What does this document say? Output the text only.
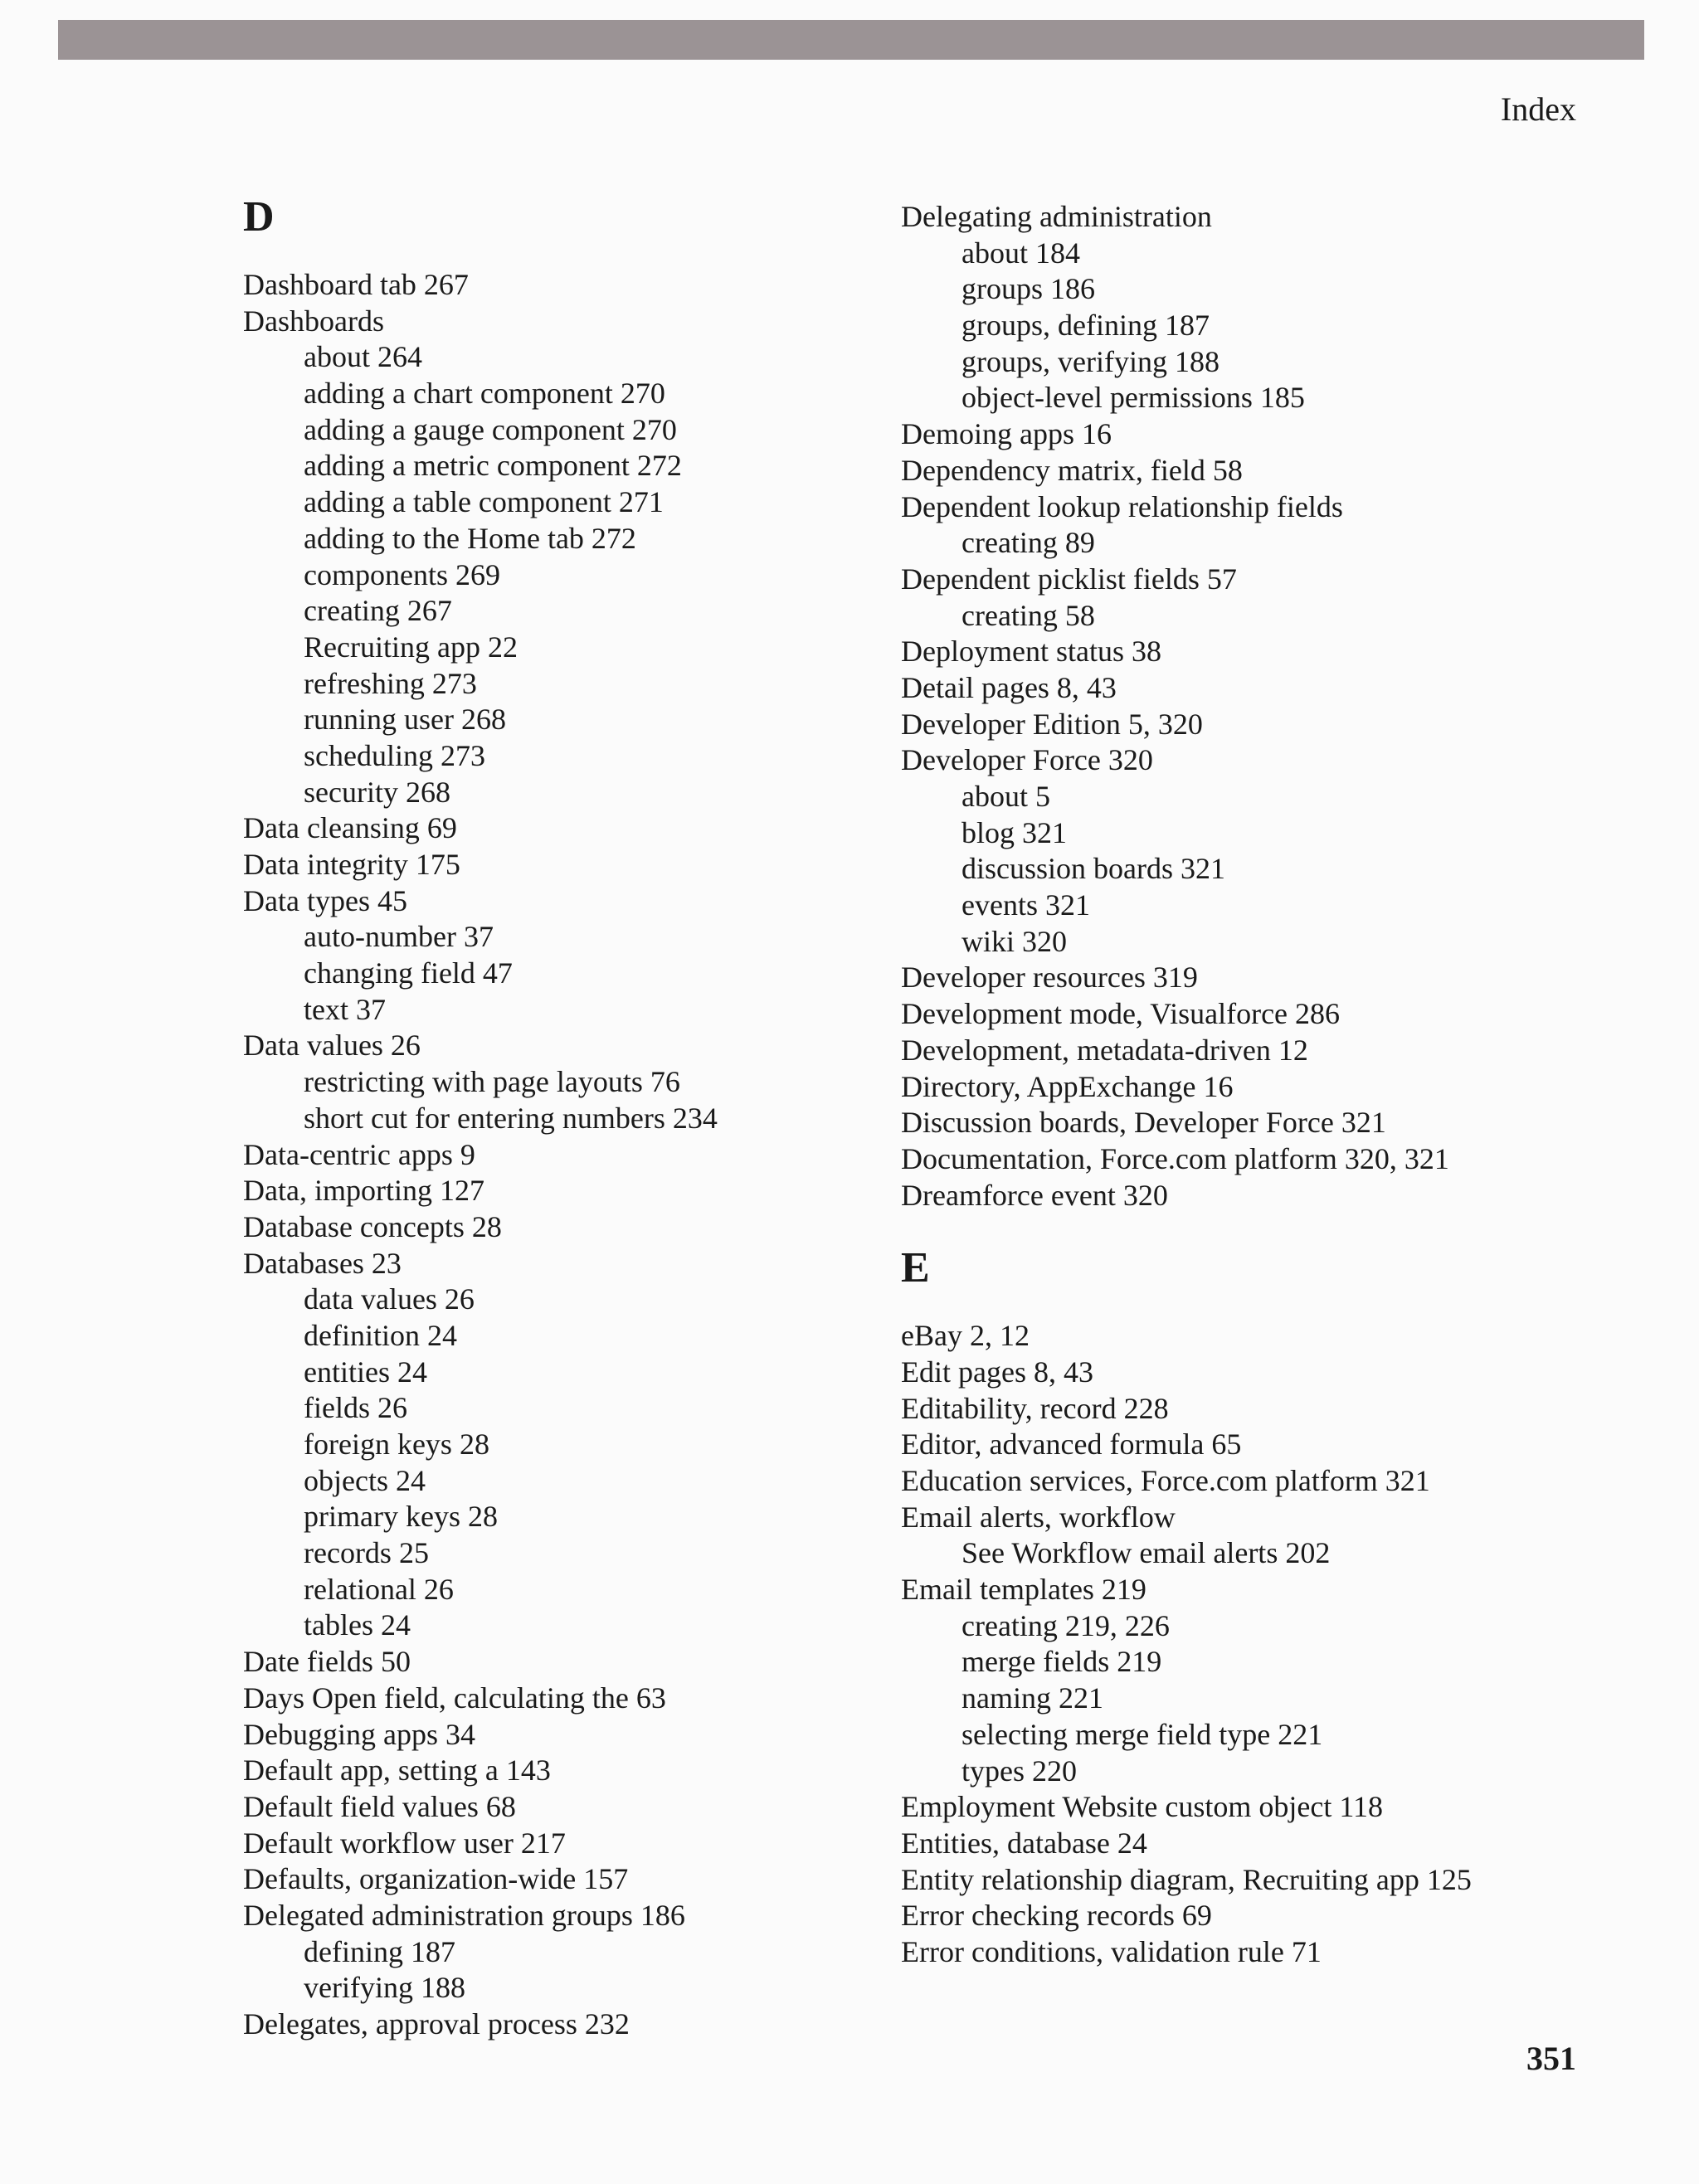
Index
D
Dashboard tab 267
Dashboards
about 264
adding a chart component 270
adding a gauge component 270
adding a metric component 272
adding a table component 271
adding to the Home tab 272
components 269
creating 267
Recruiting app 22
refreshing 273
running user 268
scheduling 273
security 268
Data cleansing 69
Data integrity 175
Data types 45
auto-number 37
changing field 47
text 37
Data values 26
restricting with page layouts 76
short cut for entering numbers 234
Data-centric apps 9
Data, importing 127
Database concepts 28
Databases 23
data values 26
definition 24
entities 24
fields 26
foreign keys 28
objects 24
primary keys 28
records 25
relational 26
tables 24
Date fields 50
Days Open field, calculating the 63
Debugging apps 34
Default app, setting a 143
Default field values 68
Default workflow user 217
Defaults, organization-wide 157
Delegated administration groups 186
defining 187
verifying 188
Delegates, approval process 232
Delegating administration
about 184
groups 186
groups, defining 187
groups, verifying 188
object-level permissions 185
Demoing apps 16
Dependency matrix, field 58
Dependent lookup relationship fields
creating 89
Dependent picklist fields 57
creating 58
Deployment status 38
Detail pages 8, 43
Developer Edition 5, 320
Developer Force 320
about 5
blog 321
discussion boards 321
events 321
wiki 320
Developer resources 319
Development mode, Visualforce 286
Development, metadata-driven 12
Directory, AppExchange 16
Discussion boards, Developer Force 321
Documentation, Force.com platform 320, 321
Dreamforce event 320
E
eBay 2, 12
Edit pages 8, 43
Editability, record 228
Editor, advanced formula 65
Education services, Force.com platform 321
Email alerts, workflow
See Workflow email alerts 202
Email templates 219
creating 219, 226
merge fields 219
naming 221
selecting merge field type 221
types 220
Employment Website custom object 118
Entities, database 24
Entity relationship diagram, Recruiting app 125
Error checking records 69
Error conditions, validation rule 71
351
